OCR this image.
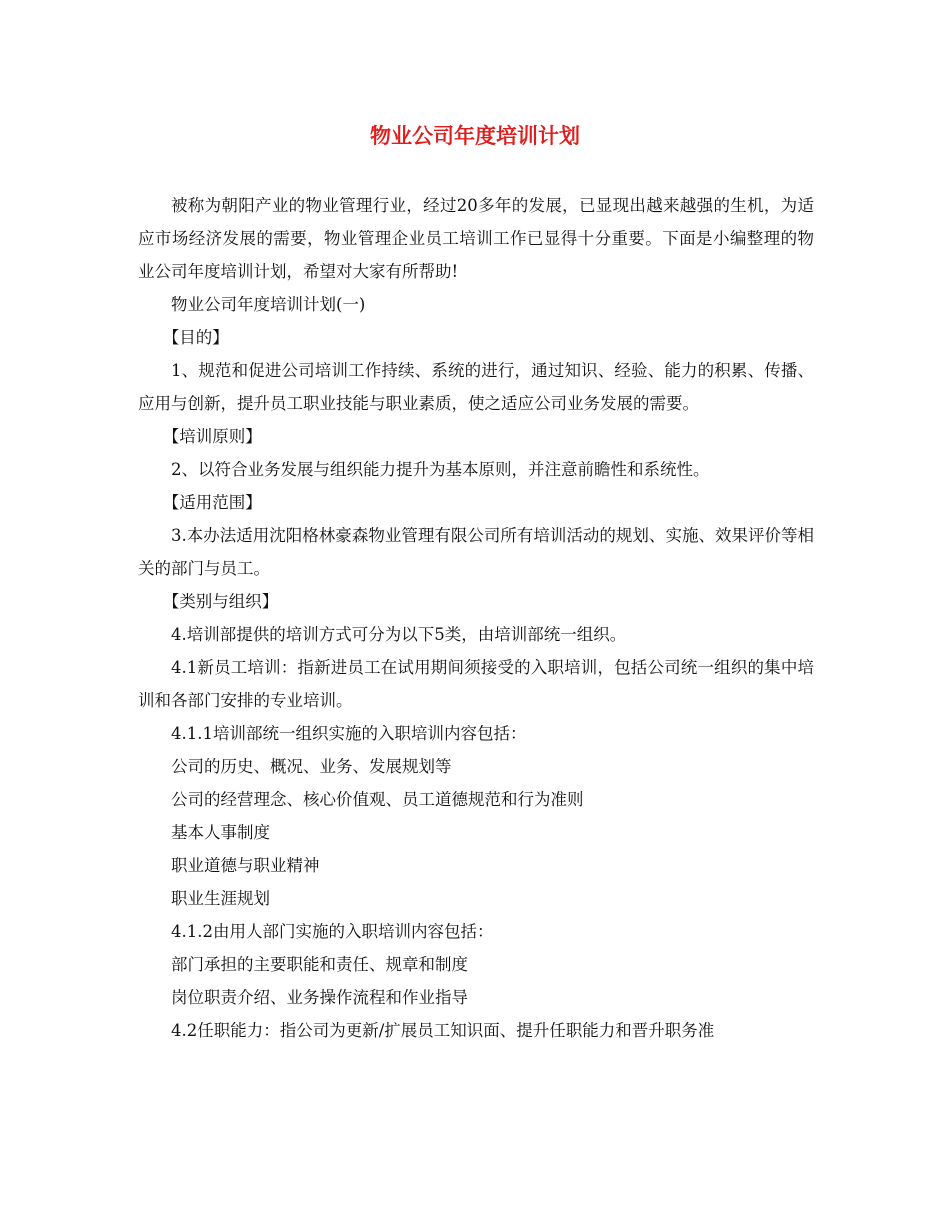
物业公司年度培训计划

被称为朝阳产业的物业管理行业，经过20多年的发展，已显现出越来越强的生机，为适应市场经济发展的需要，物业管理企业员工培训工作已显得十分重要。下面是小编整理的物业公司年度培训计划，希望对大家有所帮助!

物业公司年度培训计划(一)

【目的】

1、规范和促进公司培训工作持续、系统的进行，通过知识、经验、能力的积累、传播、应用与创新，提升员工职业技能与职业素质，使之适应公司业务发展的需要。

【培训原则】

2、以符合业务发展与组织能力提升为基本原则，并注意前瞻性和系统性。

【适用范围】

3.本办法适用沈阳格林豪森物业管理有限公司所有培训活动的规划、实施、效果评价等相关的部门与员工。

【类别与组织】

4.培训部提供的培训方式可分为以下5类，由培训部统一组织。

4.1新员工培训：指新进员工在试用期间须接受的入职培训，包括公司统一组织的集中培训和各部门安排的专业培训。

4.1.1培训部统一组织实施的入职培训内容包括：

公司的历史、概况、业务、发展规划等

公司的经营理念、核心价值观、员工道德规范和行为准则

基本人事制度

职业道德与职业精神

职业生涯规划

4.1.2由用人部门实施的入职培训内容包括：

部门承担的主要职能和责任、规章和制度

岗位职责介绍、业务操作流程和作业指导

4.2任职能力：指公司为更新/扩展员工知识面、提升任职能力和晋升职务准
